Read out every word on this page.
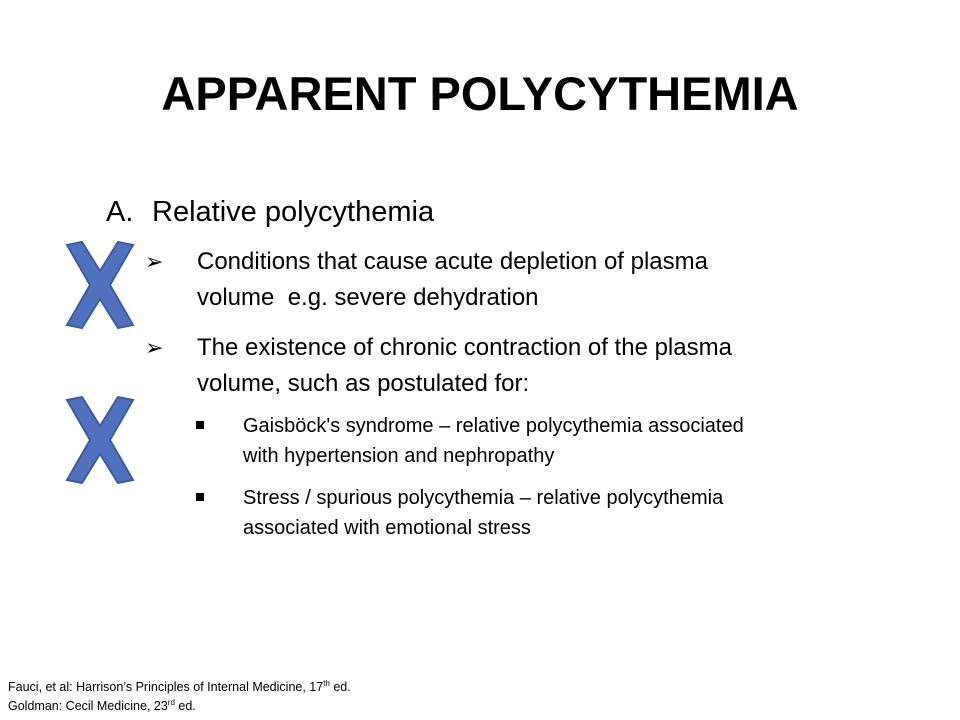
APPARENT POLYCYTHEMIA
A. Relative polycythemia
➢	Conditions that cause acute depletion of plasma
volume  e.g. severe dehydration
➢	The existence of chronic contraction of the plasma
volume, such as postulated for:
Gaisböck's syndrome – relative polycythemia associated
with hypertension and nephropathy
Stress / spurious polycythemia – relative polycythemia
associated with emotional stress
Fauci, et al: Harrison’s Principles of Internal Medicine, 17th ed.
Goldman: Cecil Medicine, 23rd ed.
